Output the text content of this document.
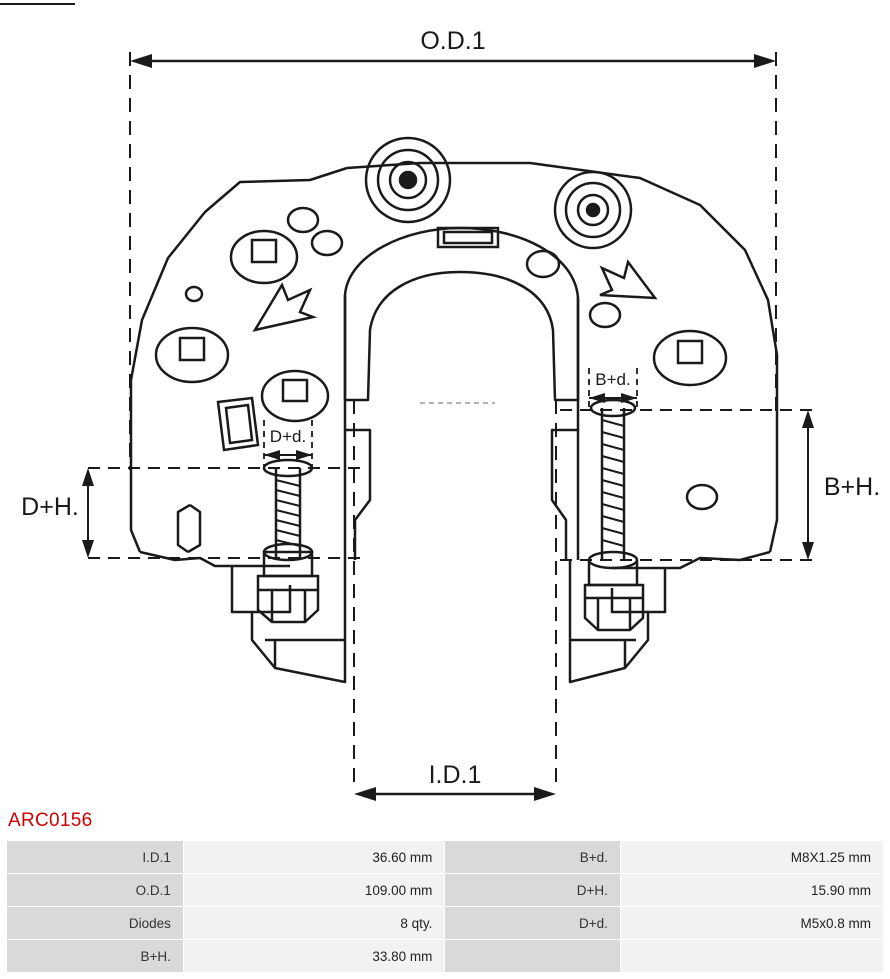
O.D.1
D+d.
B+d.
D+H.
B+H.
I.D.1
ARC0156
I.D.1	36.60 mm	B+d.	M8X1.25 mm
O.D.1	109.00 mm	D+H.	15.90 mm
Diodes	8 qty.	D+d.	M5x0.8 mm
B+H.	33.80 mm		
